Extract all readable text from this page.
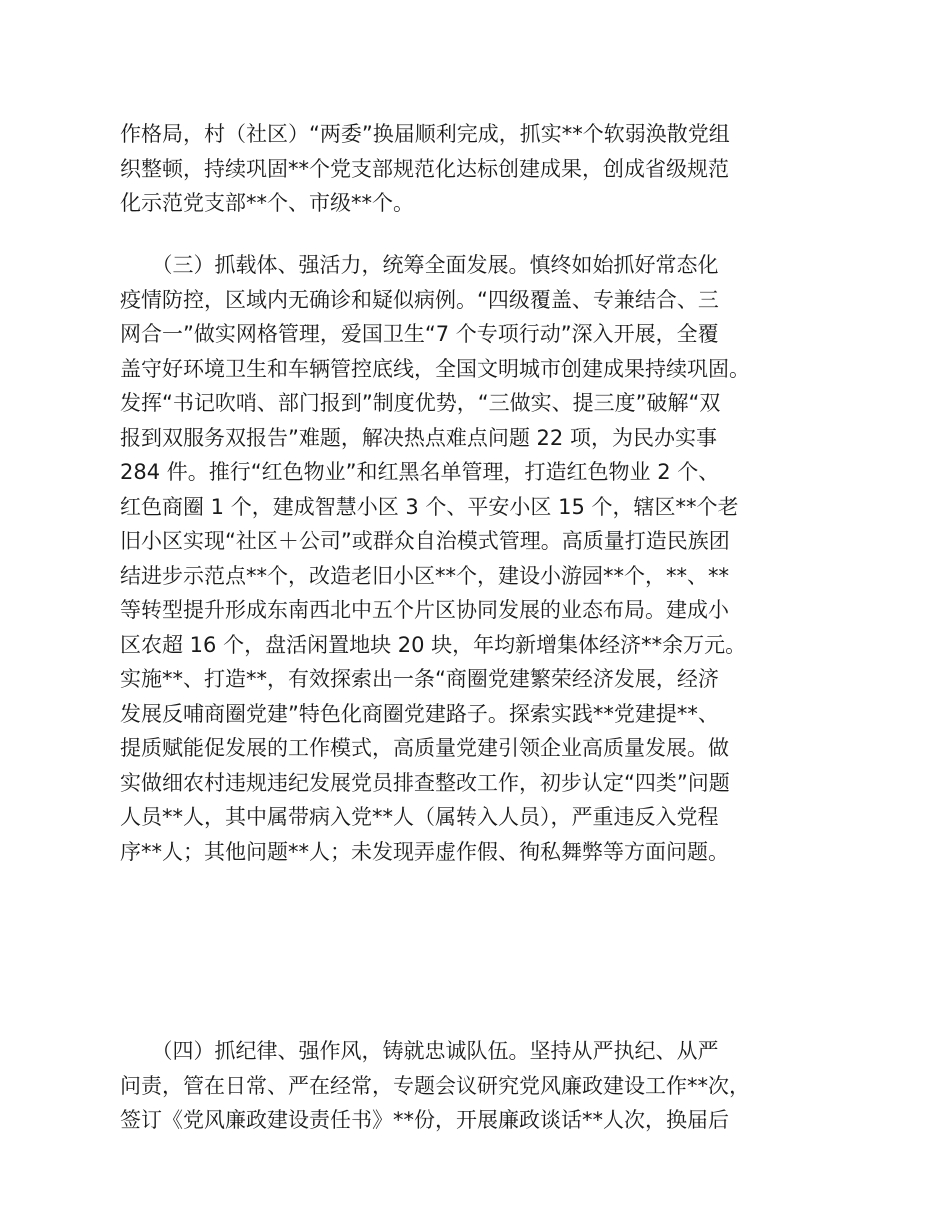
作格局，村（社区）“两委”换届顺利完成，抓实**个软弱涣散党组
织整顿，持续巩固**个党支部规范化达标创建成果，创成省级规范
化示范党支部**个、市级**个。
　　（三）抓载体、强活力，统筹全面发展。慎终如始抓好常态化
疫情防控，区域内无确诊和疑似病例。“四级覆盖、专兼结合、三
网合一”做实网格管理，爱国卫生“7 个专项行动”深入开展，全覆
盖守好环境卫生和车辆管控底线，全国文明城市创建成果持续巩固。
发挥“书记吹哨、部门报到”制度优势，“三做实、提三度”破解“双
报到双服务双报告”难题，解决热点难点问题 22 项，为民办实事
284 件。推行“红色物业”和红黑名单管理，打造红色物业 2 个、
红色商圈 1 个，建成智慧小区 3 个、平安小区 15 个，辖区**个老
旧小区实现“社区＋公司”或群众自治模式管理。高质量打造民族团
结进步示范点**个，改造老旧小区**个，建设小游园**个，**、**
等转型提升形成东南西北中五个片区协同发展的业态布局。建成小
区农超 16 个，盘活闲置地块 20 块，年均新增集体经济**余万元。
实施**、打造**，有效探索出一条“商圈党建繁荣经济发展，经济
发展反哺商圈党建”特色化商圈党建路子。探索实践**党建提**、
提质赋能促发展的工作模式，高质量党建引领企业高质量发展。做
实做细农村违规违纪发展党员排查整改工作，初步认定“四类”问题
人员**人，其中属带病入党**人（属转入人员），严重违反入党程
序**人；其他问题**人；未发现弄虚作假、徇私舞弊等方面问题。
　　（四）抓纪律、强作风，铸就忠诚队伍。坚持从严执纪、从严
问责，管在日常、严在经常，专题会议研究党风廉政建设工作**次，
签订《党风廉政建设责任书》**份，开展廉政谈话**人次，换届后
